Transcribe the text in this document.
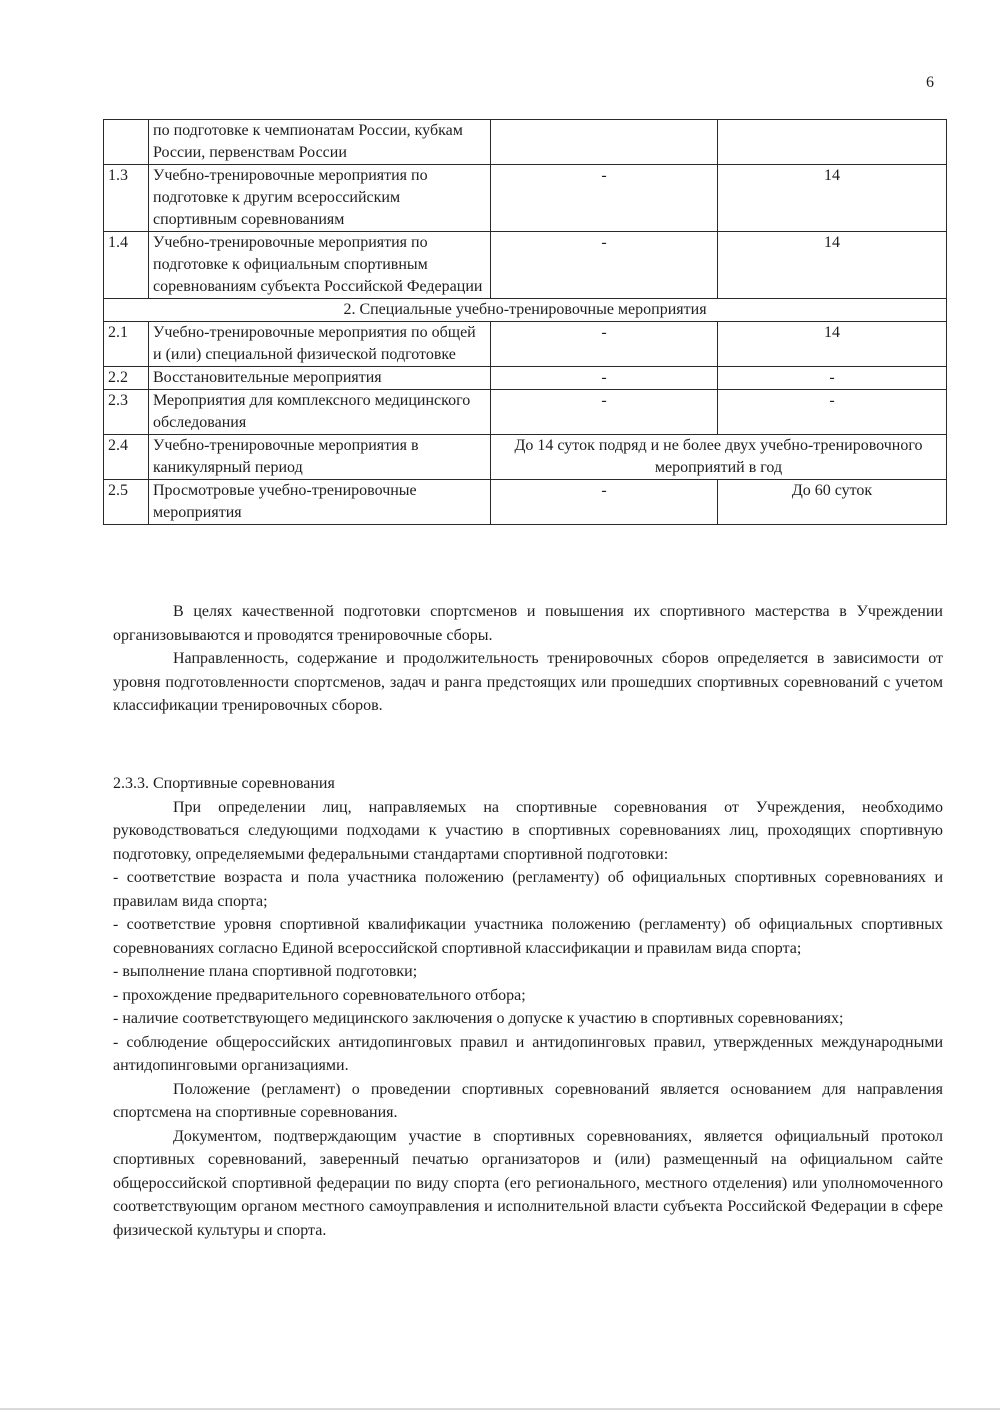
6
	по подготовке к чемпионатам России, кубкам России, первенствам России		
1.3	Учебно-тренировочные мероприятия по подготовке к другим всероссийским спортивным соревнованиям	-	14
1.4	Учебно-тренировочные мероприятия по подготовке к официальным спортивным соревнованиям субъекта Российской Федерации	-	14
2. Специальные учебно-тренировочные мероприятия			
2.1	Учебно-тренировочные мероприятия по общей и (или) специальной физической подготовке	-	14
2.2	Восстановительные мероприятия	-	-
2.3	Мероприятия для комплексного медицинского обследования	-	-
2.4	Учебно-тренировочные мероприятия в каникулярный период	До 14 суток подряд и не более двух учебно-тренировочного мероприятий в год	
2.5	Просмотровые учебно-тренировочные мероприятия	-	До 60 суток

В целях качественной подготовки спортсменов и повышения их спортивного мастерства в Учреждении организовываются и проводятся тренировочные сборы.

Направленность, содержание и продолжительность тренировочных сборов определяется в зависимости от уровня подготовленности спортсменов, задач и ранга предстоящих или прошедших спортивных соревнований с учетом классификации тренировочных сборов.

2.3.3. Спортивные соревнования

При определении лиц, направляемых на спортивные соревнования от Учреждения, необходимо руководствоваться следующими подходами к участию в спортивных соревнованиях лиц, проходящих спортивную подготовку, определяемыми федеральными стандартами спортивной подготовки:

- соответствие возраста и пола участника положению (регламенту) об официальных спортивных соревнованиях и правилам вида спорта;

- соответствие уровня спортивной квалификации участника положению (регламенту) об официальных спортивных соревнованиях согласно Единой всероссийской спортивной классификации и правилам вида спорта;

- выполнение плана спортивной подготовки;

- прохождение предварительного соревновательного отбора;

- наличие соответствующего медицинского заключения о допуске к участию в спортивных соревнованиях;

- соблюдение общероссийских антидопинговых правил и антидопинговых правил, утвержденных международными антидопинговыми организациями.

Положение (регламент) о проведении спортивных соревнований является основанием для направления спортсмена на спортивные соревнования.

Документом, подтверждающим участие в спортивных соревнованиях, является официальный протокол спортивных соревнований, заверенный печатью организаторов и (или) размещенный на официальном сайте общероссийской спортивной федерации по виду спорта (его регионального, местного отделения) или уполномоченного соответствующим органом местного самоуправления и исполнительной власти субъекта Российской Федерации в сфере физической культуры и спорта.
